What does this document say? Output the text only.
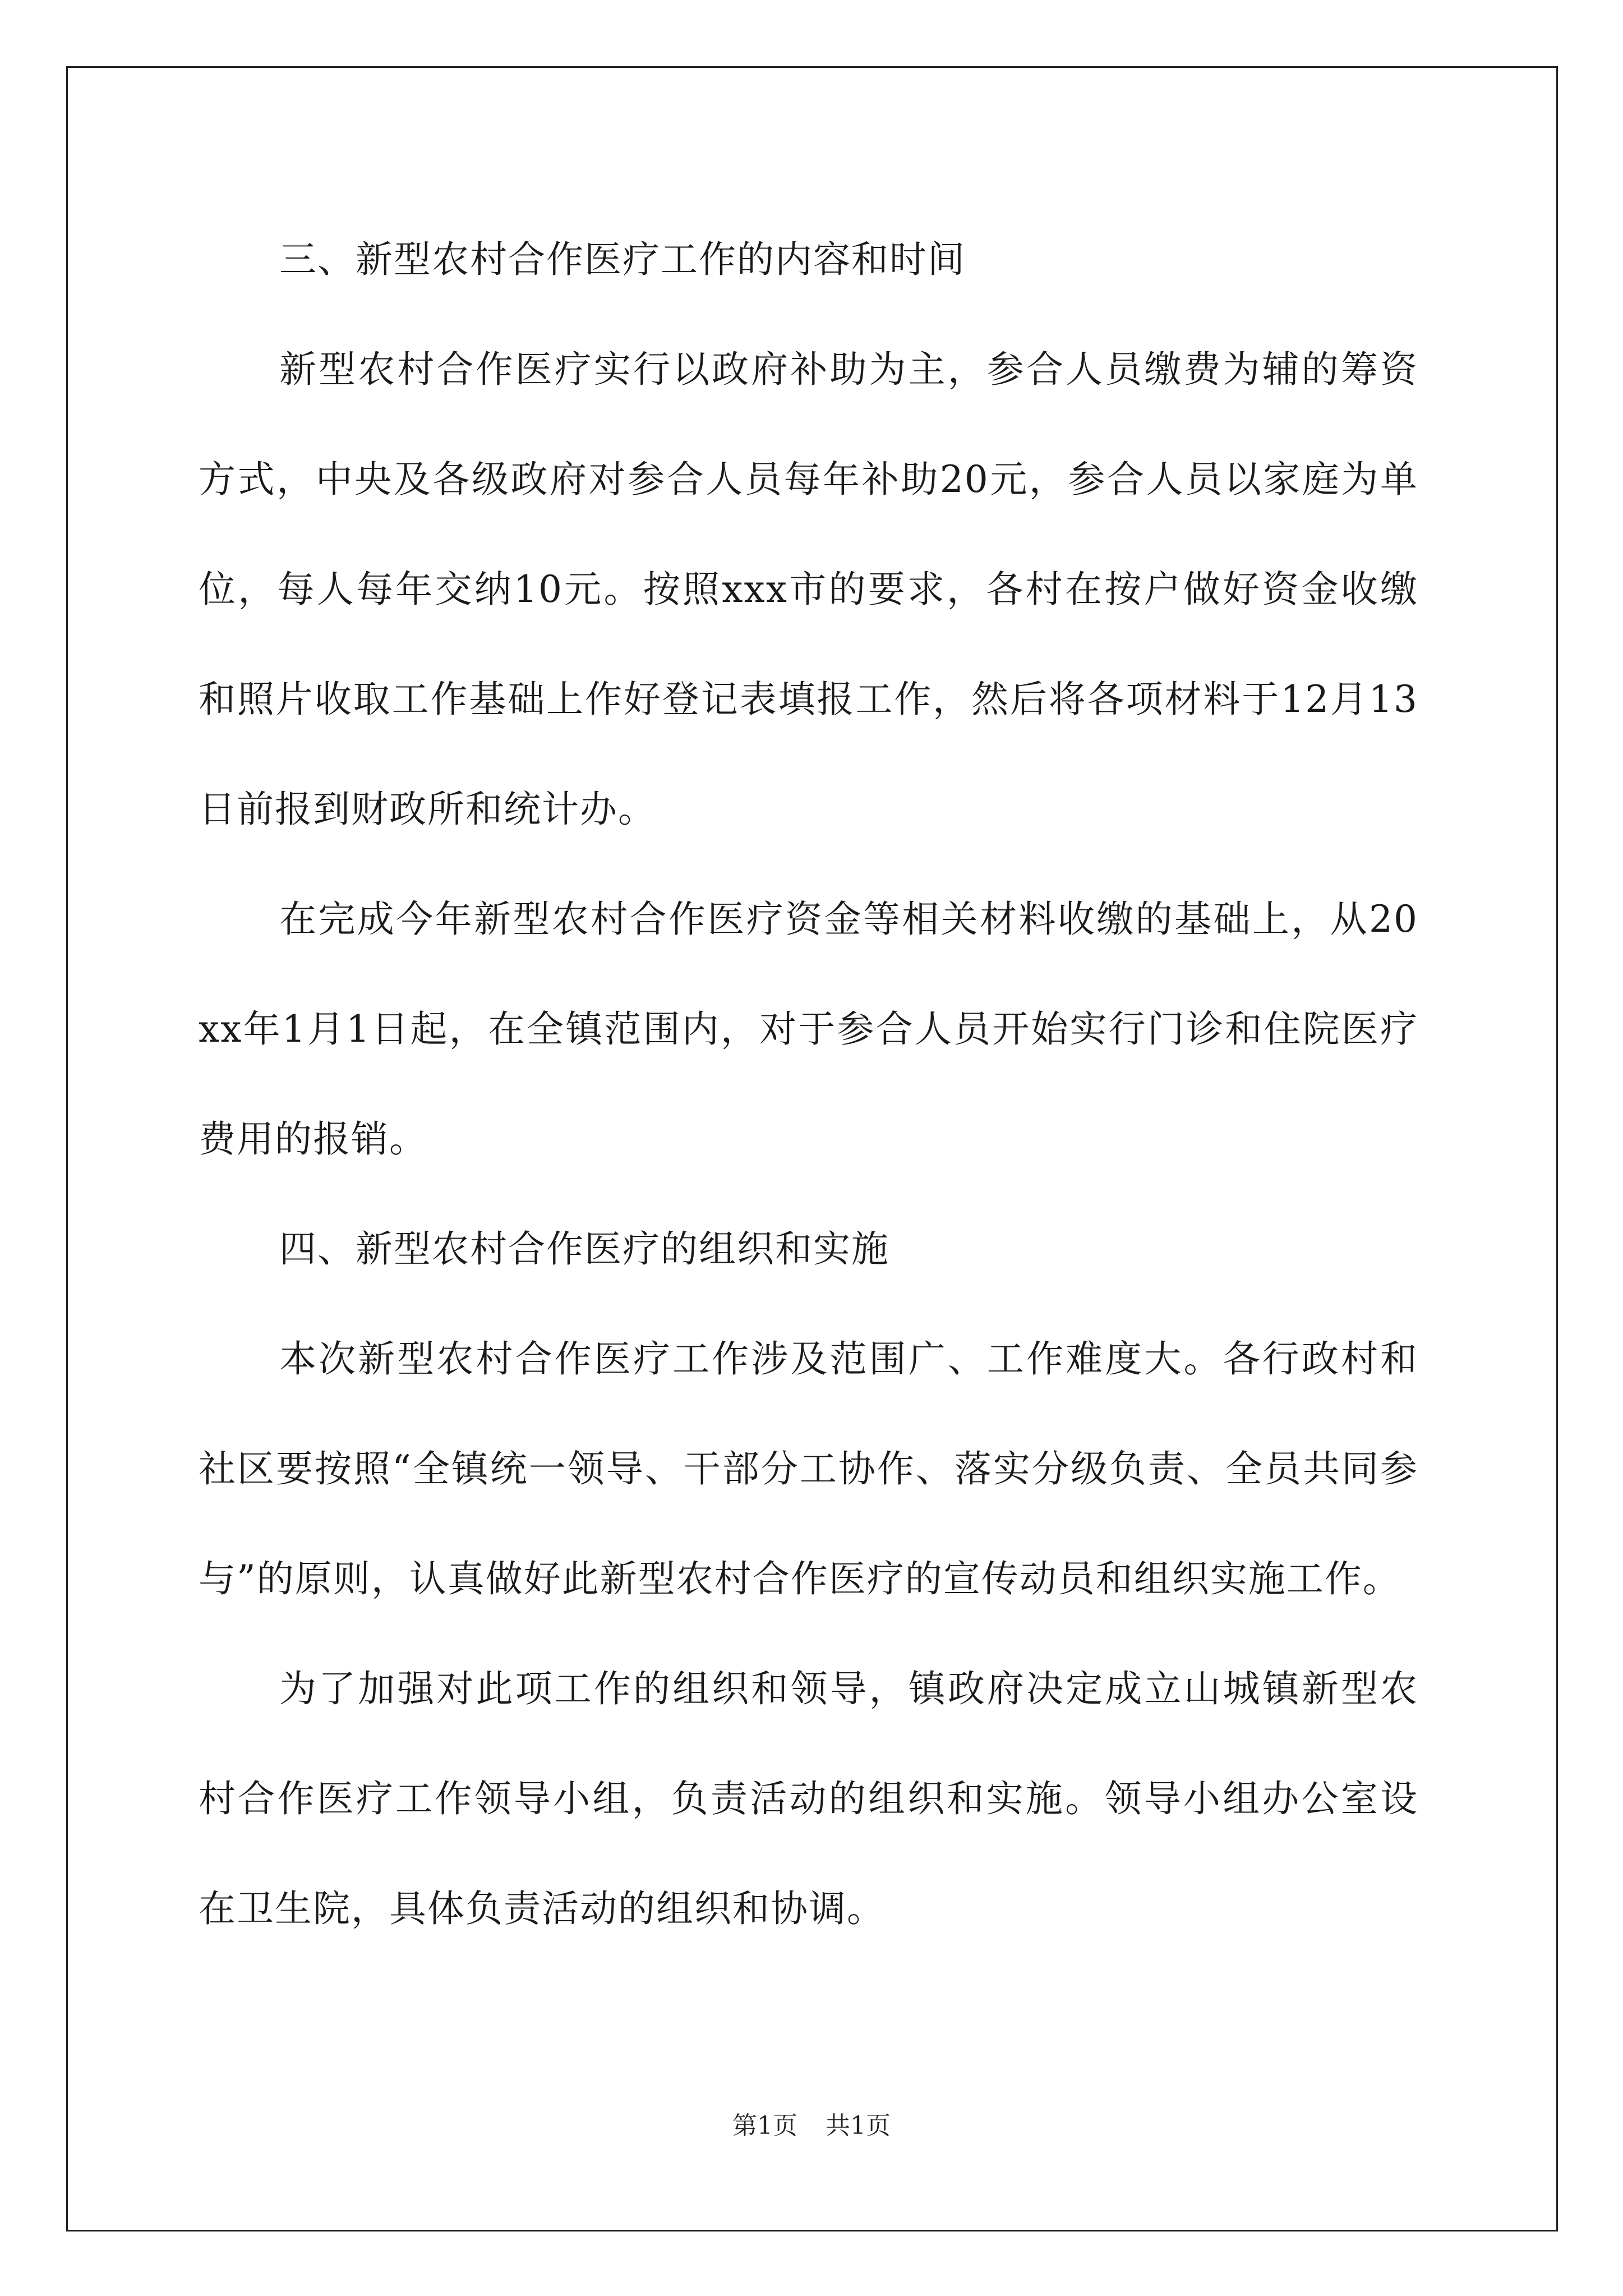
三、新型农村合作医疗工作的内容和时间

新型农村合作医疗实行以政府补助为主，参合人员缴费为辅的筹资方式，中央及各级政府对参合人员每年补助20元，参合人员以家庭为单位，每人每年交纳10元。按照xxx市的要求，各村在按户做好资金收缴和照片收取工作基础上作好登记表填报工作，然后将各项材料于12月13日前报到财政所和统计办。

在完成今年新型农村合作医疗资金等相关材料收缴的基础上，从20xx年1月1日起，在全镇范围内，对于参合人员开始实行门诊和住院医疗费用的报销。

四、新型农村合作医疗的组织和实施

本次新型农村合作医疗工作涉及范围广、工作难度大。各行政村和社区要按照“全镇统一领导、干部分工协作、落实分级负责、全员共同参与”的原则，认真做好此新型农村合作医疗的宣传动员和组织实施工作。

为了加强对此项工作的组织和领导，镇政府决定成立山城镇新型农村合作医疗工作领导小组，负责活动的组织和实施。领导小组办公室设在卫生院，具体负责活动的组织和协调。

第1页 共1页
